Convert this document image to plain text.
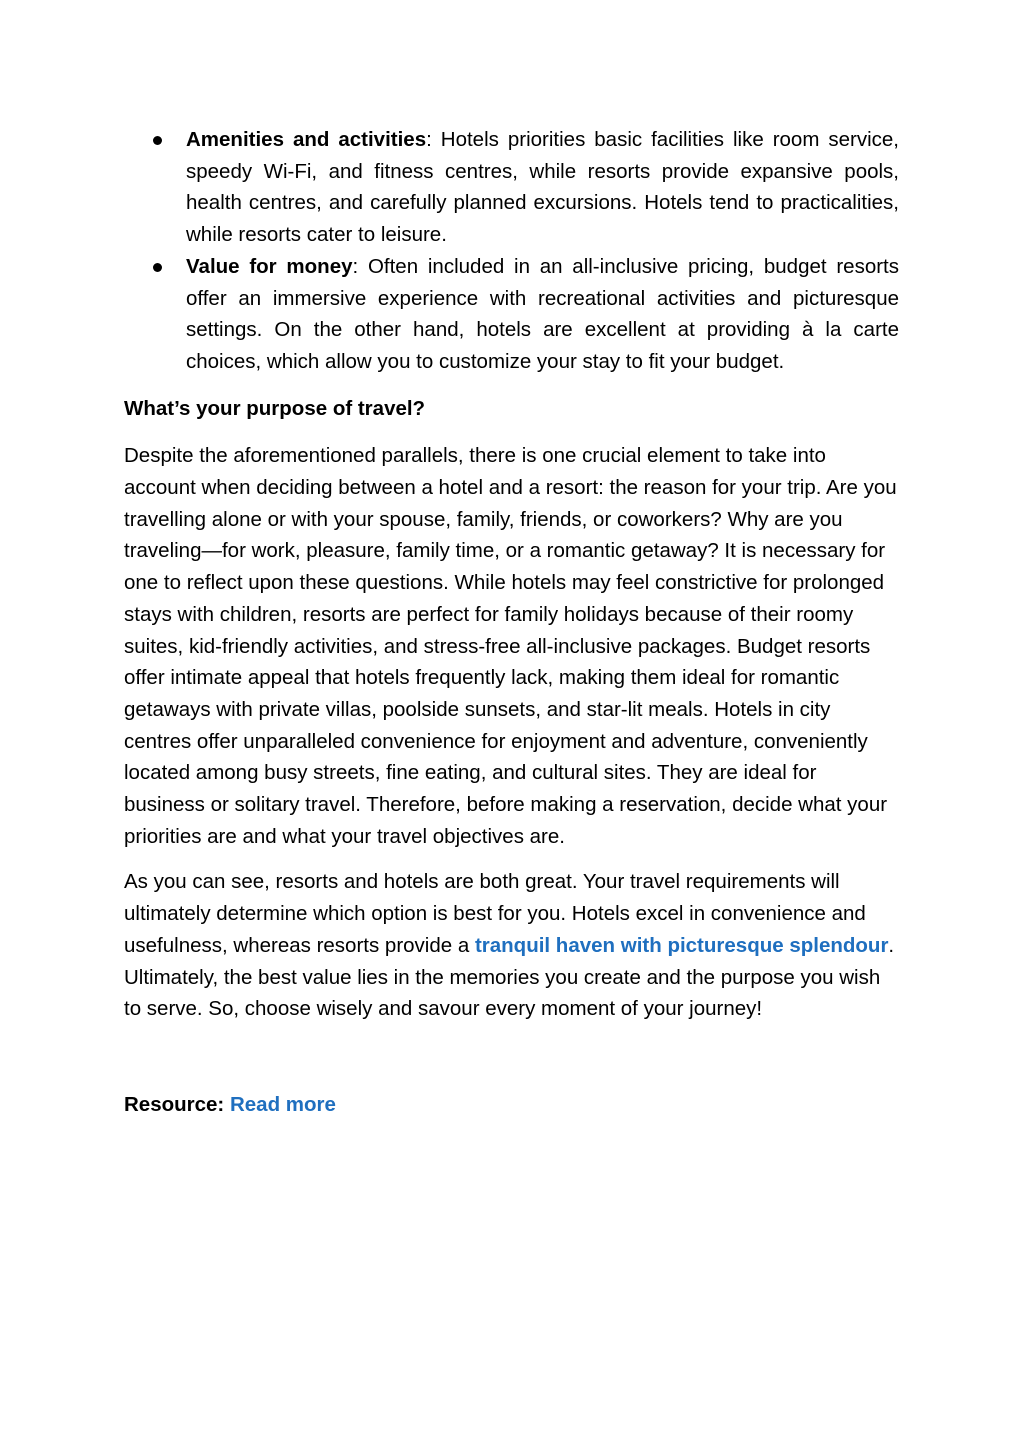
Amenities and activities: Hotels priorities basic facilities like room service, speedy Wi-Fi, and fitness centres, while resorts provide expansive pools, health centres, and carefully planned excursions. Hotels tend to practicalities, while resorts cater to leisure.
Value for money: Often included in an all-inclusive pricing, budget resorts offer an immersive experience with recreational activities and picturesque settings. On the other hand, hotels are excellent at providing à la carte choices, which allow you to customize your stay to fit your budget.
What’s your purpose of travel?

Despite the aforementioned parallels, there is one crucial element to take into account when deciding between a hotel and a resort: the reason for your trip. Are you travelling alone or with your spouse, family, friends, or coworkers? Why are you traveling—for work, pleasure, family time, or a romantic getaway? It is necessary for one to reflect upon these questions. While hotels may feel constrictive for prolonged stays with children, resorts are perfect for family holidays because of their roomy suites, kid-friendly activities, and stress-free all-inclusive packages. Budget resorts offer intimate appeal that hotels frequently lack, making them ideal for romantic getaways with private villas, poolside sunsets, and star-lit meals. Hotels in city centres offer unparalleled convenience for enjoyment and adventure, conveniently located among busy streets, fine eating, and cultural sites. They are ideal for business or solitary travel. Therefore, before making a reservation, decide what your priorities are and what your travel objectives are.

As you can see, resorts and hotels are both great. Your travel requirements will ultimately determine which option is best for you. Hotels excel in convenience and usefulness, whereas resorts provide a tranquil haven with picturesque splendour. Ultimately, the best value lies in the memories you create and the purpose you wish to serve. So, choose wisely and savour every moment of your journey!

Resource: Read more
